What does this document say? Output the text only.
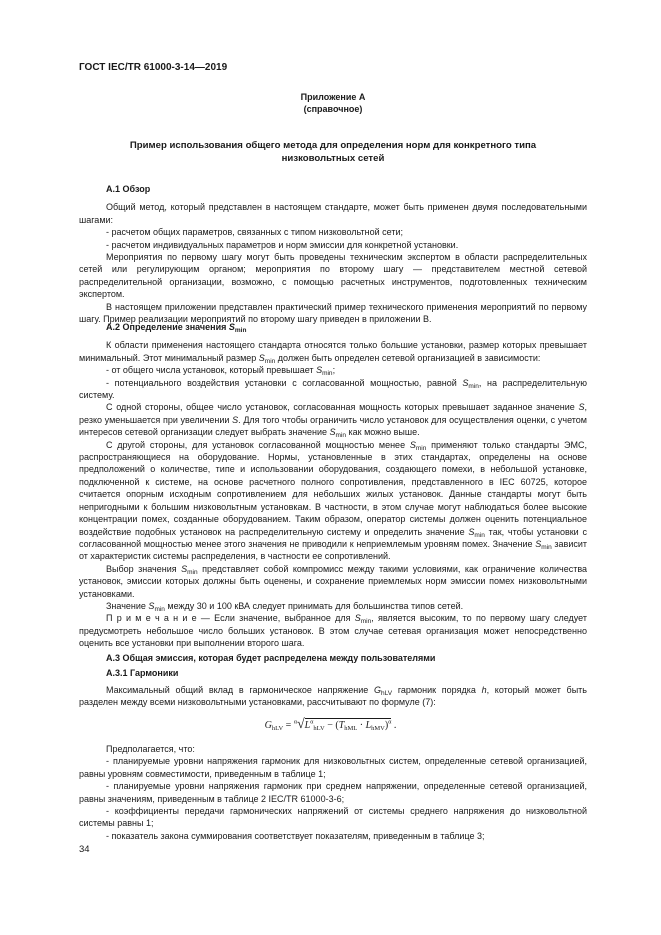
ГОСТ IEC/TR 61000-3-14—2019

Приложение А

(справочное)

Пример использования общего метода для определения норм для конкретного типа

низковольтных сетей

А.1 Обзор

Общий метод, который представлен в настоящем стандарте, может быть применен двумя последовательными шагами:

- расчетом общих параметров, связанных с типом низковольтной сети;

- расчетом индивидуальных параметров и норм эмиссии для конкретной установки.

Мероприятия по первому шагу могут быть проведены техническим экспертом в области распределительных сетей или регулирующим органом; мероприятия по второму шагу — представителем местной сетевой распределительной организации, возможно, с помощью расчетных инструментов, подготовленных техническим экспертом.

В настоящем приложении представлен практический пример технического применения мероприятий по первому шагу. Пример реализации мероприятий по второму шагу приведен в приложении В.

А.2 Определение значения $S_{min}$

К области применения настоящего стандарта относятся только большие установки, размер которых превышает минимальный. Этот минимальный размер $S_{min}$ должен быть определен сетевой организацией в зависимости:

- от общего числа установок, который превышает $S_{min}$;

- потенциального воздействия установки с согласованной мощностью, равной $S_{min}$, на распределительную систему.

С одной стороны, общее число установок, согласованная мощность которых превышает заданное значение S, резко уменьшается при увеличении S. Для того чтобы ограничить число установок для осуществления оценки, с учетом интересов сетевой организации следует выбрать значение $S_{min}$ как можно выше.

С другой стороны, для установок согласованной мощностью менее $S_{min}$ применяют только стандарты ЭМС, распространяющиеся на оборудование. Нормы, установленные в этих стандартах, определены на основе предположений о количестве, типе и использовании оборудования, создающего помехи, в небольшой установке, подключенной к системе, на основе расчетного полного сопротивления, представленного в IEC 60725, которое считается опорным исходным сопротивлением для небольших жилых установок. Данные стандарты могут быть непригодными к большим низковольтным установкам. В частности, в этом случае могут наблюдаться более высокие концентрации помех, созданные оборудованием. Таким образом, оператор системы должен оценить потенциальное воздействие подобных установок на распределительную систему и определить значение $S_{min}$ так, чтобы установки с согласованной мощностью менее этого значения не приводили к неприемлемым уровням помех. Значение $S_{min}$ зависит от характеристик системы распределения, в частности ее сопротивлений.

Выбор значения $S_{min}$ представляет собой компромисс между такими условиями, как ограничение количества установок, эмиссии которых должны быть оценены, и сохранение приемлемых норм эмиссии помех низковольтными установками.

Значение $S_{min}$ между 30 и 100 кВА следует принимать для большинства типов сетей.

П р и м е ч а н и е — Если значение, выбранное для $S_{min}$, является высоким, то по первому шагу следует предусмотреть небольшое число больших установок. В этом случае сетевая организация может непосредственно оценить все установки при выполнении второго шага.

А.3 Общая эмиссия, которая будет распределена между пользователями

А.3.1 Гармоники

Максимальный общий вклад в гармоническое напряжение $G_{hLV}$ гармоник порядка h, который может быть разделен между всеми низковольтными установками, рассчитывают по формуле (7):

$G_{hLV} = ^\alpha√L^\alpha_{hLV} - (T_{hML} \cdot L_{hMV})^\alpha$ .

Предполагается, что:

- планируемые уровни напряжения гармоник для низковольтных систем, определенные сетевой организацией, равны уровням совместимости, приведенным в таблице 1;

- планируемые уровни напряжения гармоник при среднем напряжении, определенные сетевой организацией, равны значениям, приведенным в таблице 2 IEC/TR 61000-3-6;

- коэффициенты передачи гармонических напряжений от системы среднего напряжения до низковольтной системы равны 1;

- показатель закона суммирования соответствует показателям, приведенным в таблице 3;

34
